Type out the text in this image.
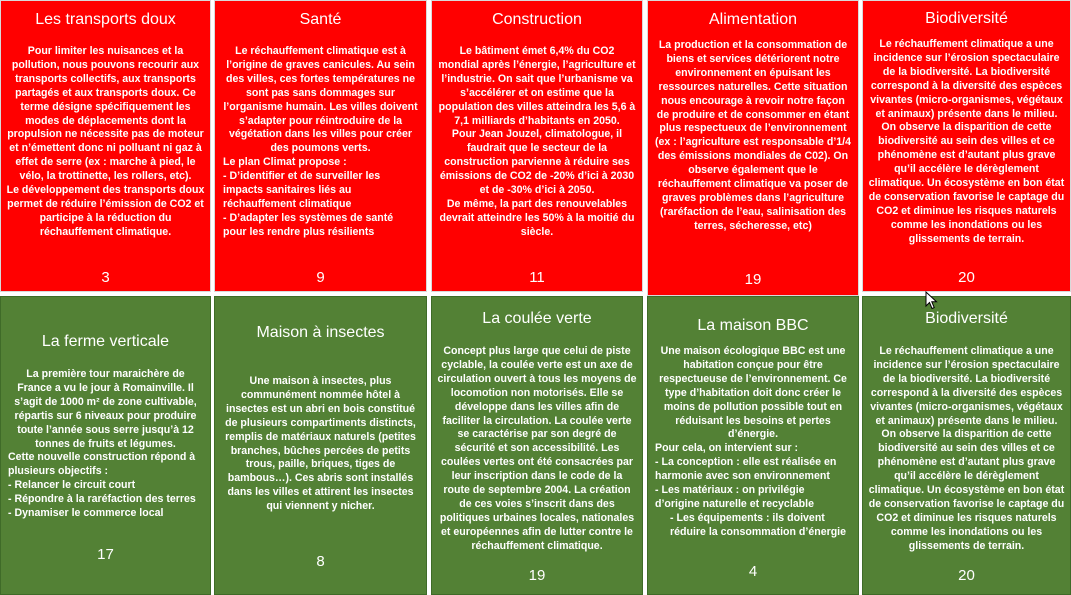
Les transports doux

Pour limiter les nuisances et la pollution, nous pouvons recourir aux transports collectifs, aux transports partagés et aux transports doux. Ce terme désigne spécifiquement les modes de déplacements dont la propulsion ne nécessite pas de moteur et n’émettent donc ni polluant ni gaz à effet de serre (ex : marche à pied, le vélo, la trottinette, les rollers, etc).

Le développement des transports doux permet de réduire l’émission de CO2 et participe à la réduction du réchauffement climatique.

3
Santé

Le réchauffement climatique est à l’origine de graves canicules. Au sein des villes, ces fortes températures ne sont pas sans dommages sur l’organisme humain. Les villes doivent s’adapter pour réintroduire de la végétation dans les villes pour créer des poumons verts.

Le plan Climat propose :

- D’identifier et de surveiller les impacts sanitaires liés au réchauffement climatique

- D’adapter les systèmes de santé pour les rendre plus résilients

9
Construction

Le bâtiment émet 6,4% du CO2 mondial après l’énergie, l’agriculture et l’industrie. On sait que l’urbanisme va s’accélérer et on estime que la population des villes atteindra les 5,6 à 7,1 milliards d’habitants en 2050.

Pour Jean Jouzel, climatologue, il faudrait que le secteur de la construction parvienne à réduire ses émissions de CO2 de -20% d’ici à 2030 et de -30% d’ici à 2050.

De même, la part des renouvelables devrait atteindre les 50% à la moitié du siècle.

11
Alimentation

La production et la consommation de biens et services détériorent notre environnement en épuisant les ressources naturelles. Cette situation nous encourage à revoir notre façon de produire et de consommer en étant plus respectueux de l’environnement (ex : l’agriculture est responsable d’1/4 des émissions mondiales de C02). On observe également que le réchauffement climatique va poser de graves problèmes dans l’agriculture (raréfaction de l’eau, salinisation des terres, sécheresse, etc)

19
Biodiversité

Le réchauffement climatique a une incidence sur l’érosion spectaculaire de la biodiversité. La biodiversité correspond à la diversité des espèces vivantes (micro-organismes, végétaux et animaux) présente dans le milieu.

On observe la disparition de cette biodiversité au sein des villes et ce phénomène est d’autant plus grave qu’il accélère le dérèglement climatique. Un écosystème en bon état de conservation favorise le captage du CO2 et diminue les risques naturels comme les inondations ou les glissements de terrain.

20
La ferme verticale

La première tour maraichère de France a vu le jour à Romainville. Il s’agit de 1000 m² de zone cultivable, répartis sur 6 niveaux pour produire toute l’année sous serre jusqu’à 12 tonnes de fruits et légumes.

Cette nouvelle construction répond à plusieurs objectifs :

- Relancer le circuit court

- Répondre à la raréfaction des terres

- Dynamiser le commerce local

17
Maison à insectes

Une maison à insectes, plus communément nommée hôtel à insectes est un abri en bois constitué de plusieurs compartiments distincts, remplis de matériaux naturels (petites branches, bûches percées de petits trous, paille, briques, tiges de bambous…). Ces abris sont installés dans les villes et attirent les insectes qui viennent y nicher.

8
La coulée verte

Concept plus large que celui de piste cyclable, la coulée verte est un axe de circulation ouvert à tous les moyens de locomotion non motorisés. Elle se développe dans les villes afin de faciliter la circulation. La coulée verte se caractérise par son degré de sécurité et son accessibilité. Les coulées vertes ont été consacrées par leur inscription dans le code de la route de septembre 2004. La création de ces voies s’inscrit dans des politiques urbaines locales, nationales et européennes afin de lutter contre le réchauffement climatique.

19
La maison BBC

Une maison écologique BBC est une habitation conçue pour être respectueuse de l’environnement. Ce type d’habitation doit donc créer le moins de pollution possible tout en réduisant les besoins et pertes d’énergie.

Pour cela, on intervient sur :

- La conception : elle est réalisée en harmonie avec son environnement

- Les matériaux : on privilégie d’origine naturelle et recyclable

- Les équipements : ils doivent réduire la consommation d’énergie

4
Biodiversité

Le réchauffement climatique a une incidence sur l’érosion spectaculaire de la biodiversité. La biodiversité correspond à la diversité des espèces vivantes (micro-organismes, végétaux et animaux) présente dans le milieu.

On observe la disparition de cette biodiversité au sein des villes et ce phénomène est d’autant plus grave qu’il accélère le dérèglement climatique. Un écosystème en bon état de conservation favorise le captage du CO2 et diminue les risques naturels comme les inondations ou les glissements de terrain.

20
